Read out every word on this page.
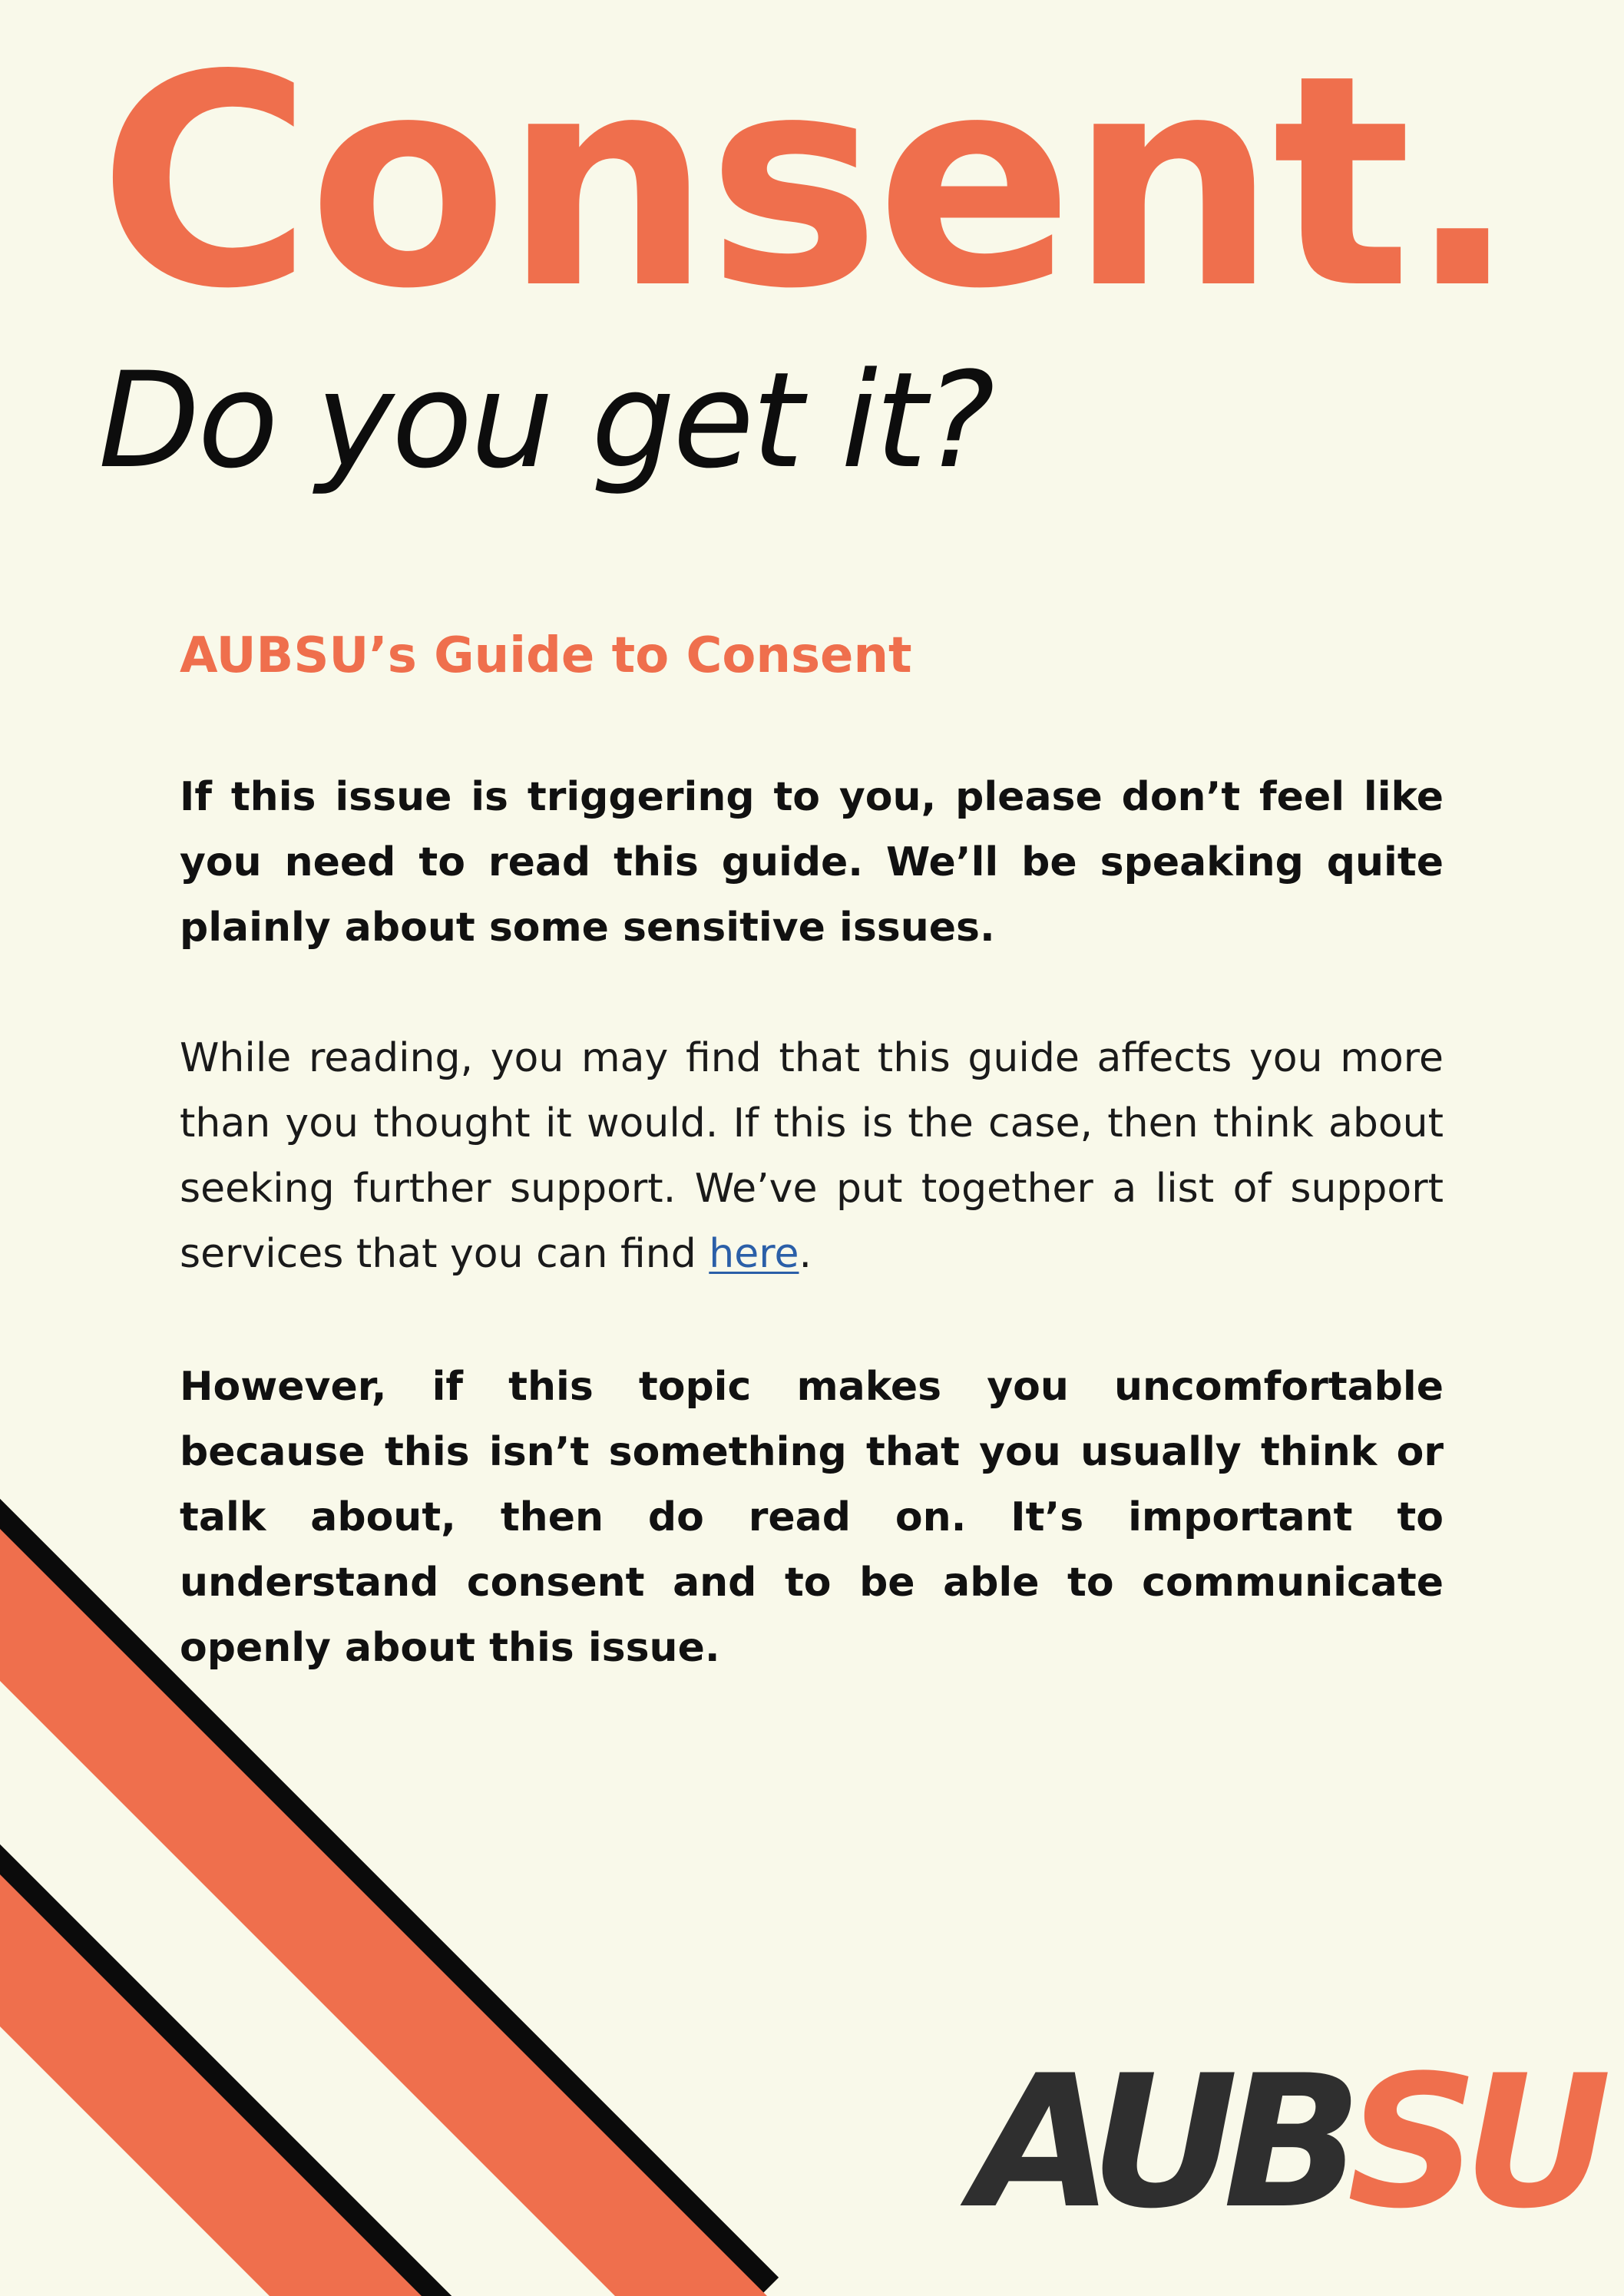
Consent.
Do you get it?
AUBSU’s Guide to Consent

If this issue is triggering to you, please don’t feel like you need to read this guide. We’ll be speaking quite plainly about some sensitive issues.

While reading, you may find that this guide affects you more than you thought it would. If this is the case, then think about seeking further support. We’ve put together a list of support services that you can find here.

However, if this topic makes you uncomfortable because this isn’t something that you usually think or talk about, then do read on. It’s important to understand consent and to be able to communicate openly about this issue.

AUBSU
